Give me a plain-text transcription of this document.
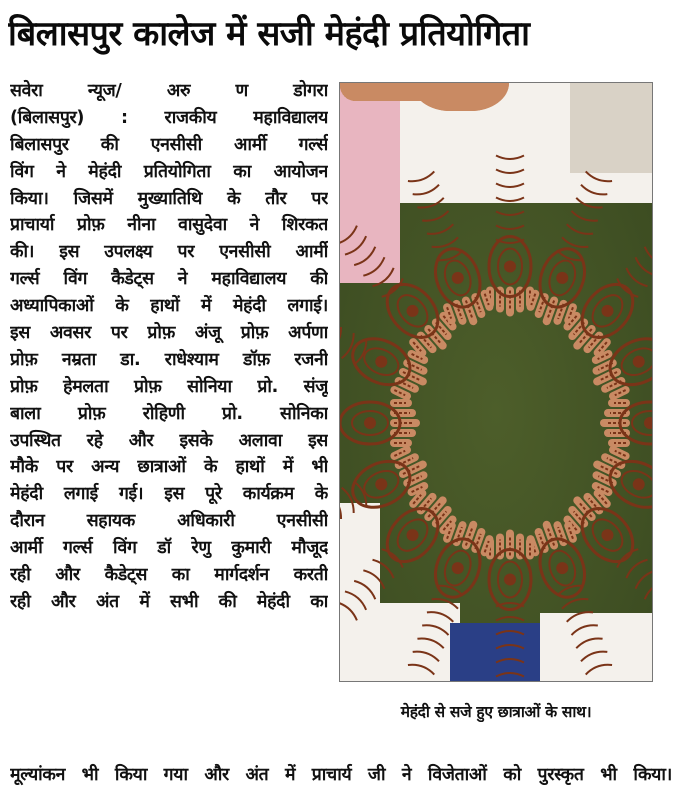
बिलासपुर कालेज में सजी मेहंदी प्रतियोगिता
सवेरा न्यूज/ अरु ण डोगरा
(बिलासपुर) : राजकीय महाविद्यालय
बिलासपुर की एनसीसी आर्मी गर्ल्स
विंग ने मेहंदी प्रतियोगिता का आयोजन
किया। जिसमें मुख्यातिथि के तौर पर
प्राचार्या प्रोफ़ नीना वासुदेवा ने शिरकत
की। इस उपलक्ष्य पर एनसीसी आर्मी
गर्ल्स विंग कैडेट्स ने महाविद्यालय की
अध्यापिकाओं के हाथों में मेहंदी लगाई।
इस अवसर पर प्रोफ़ अंजू प्रोफ़ अर्पणा
प्रोफ़ नम्रता डा. राधेश्याम डॉफ़ रजनी
प्रोफ़ हेमलता प्रोफ़ सोनिया प्रो. संजू
बाला प्रोफ़ रोहिणी प्रो. सोनिका
उपस्थित रहे और इसके अलावा इस
मौके पर अन्य छात्राओं के हाथों में भी
मेहंदी लगाई गई। इस पूरे कार्यक्रम के
दौरान सहायक अधिकारी एनसीसी
आर्मी गर्ल्स विंग डॉ रेणु कुमारी मौजूद
रही और कैडेट्स का मार्गदर्शन करती
रही और अंत में सभी की मेहंदी का
मूल्यांकन भी किया गया और अंत में प्राचार्य जी ने विजेताओं को पुरस्कृत भी किया।
मेहंदी से सजे हुए छात्राओं के साथ।
